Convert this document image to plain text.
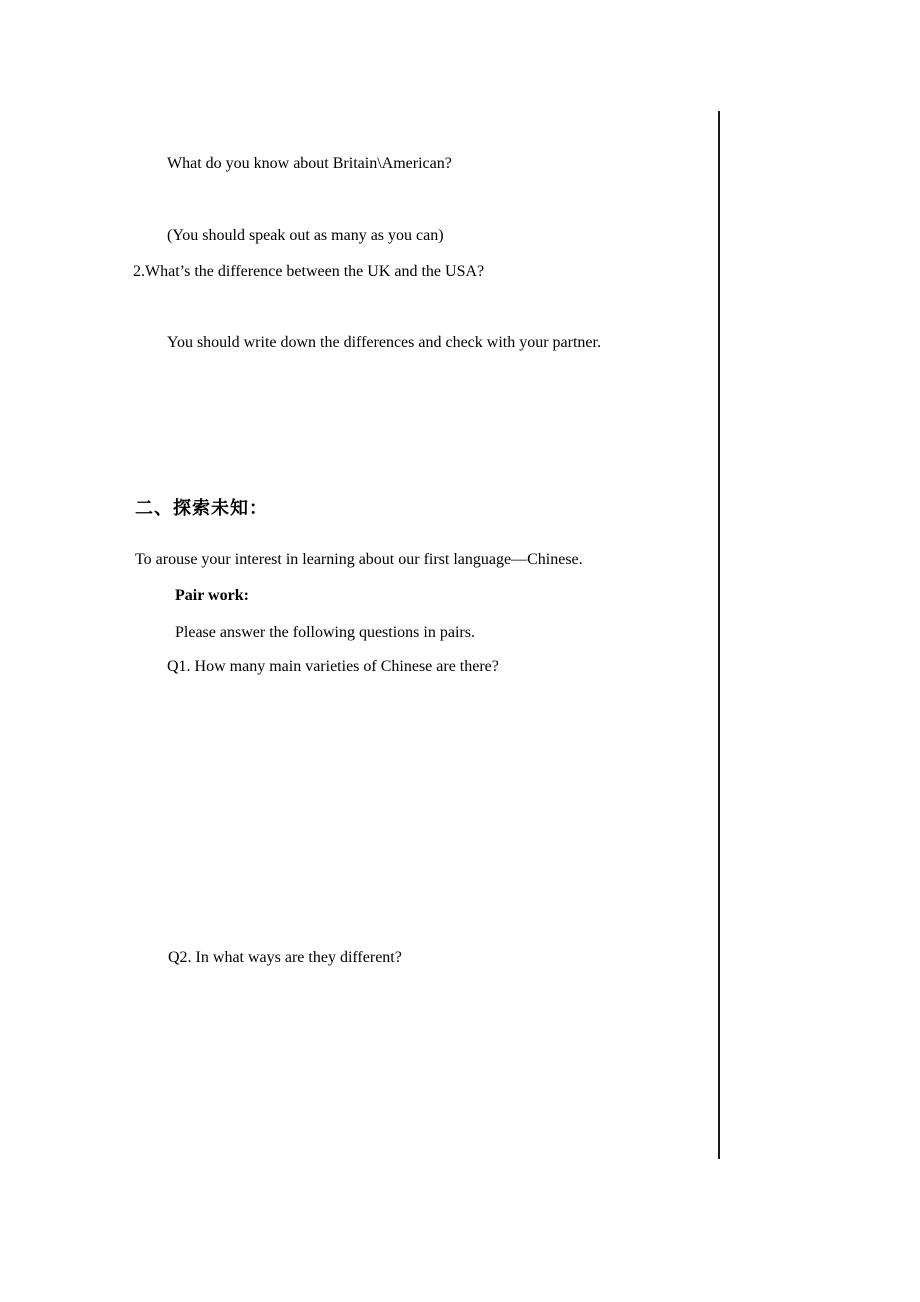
What do you know about Britain\American?
(You should speak out as many as you can)
2.What’s the difference between the UK and the USA?
You should write down the differences and check with your partner.
二、探索未知：
To arouse your interest in learning about our first language—Chinese.
Pair work:
Please answer the following questions in pairs.
Q1. How many main varieties of Chinese are there?
Q2. In what ways are they different?
